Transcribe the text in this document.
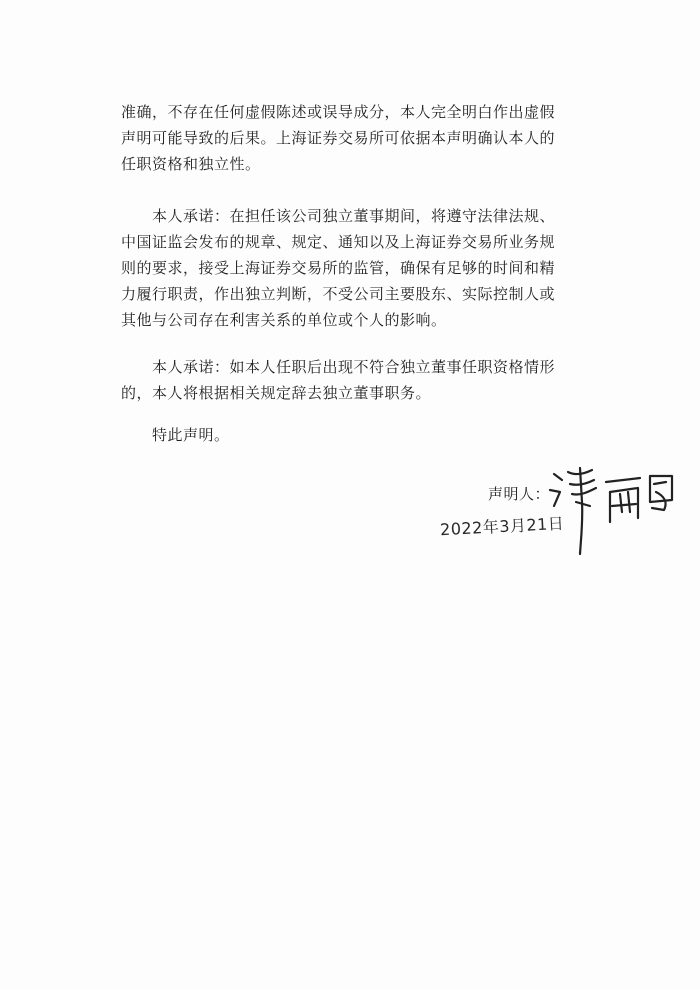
准确，不存在任何虚假陈述或误导成分，本人完全明白作出虚假
声明可能导致的后果。上海证券交易所可依据本声明确认本人的
任职资格和独立性。

本人承诺：在担任该公司独立董事期间，将遵守法律法规、
中国证监会发布的规章、规定、通知以及上海证券交易所业务规
则的要求，接受上海证券交易所的监管，确保有足够的时间和精
力履行职责，作出独立判断，不受公司主要股东、实际控制人或
其他与公司存在利害关系的单位或个人的影响。

本人承诺：如本人任职后出现不符合独立董事任职资格情形
的，本人将根据相关规定辞去独立董事职务。

特此声明。

声明人：
2022年3月21日
